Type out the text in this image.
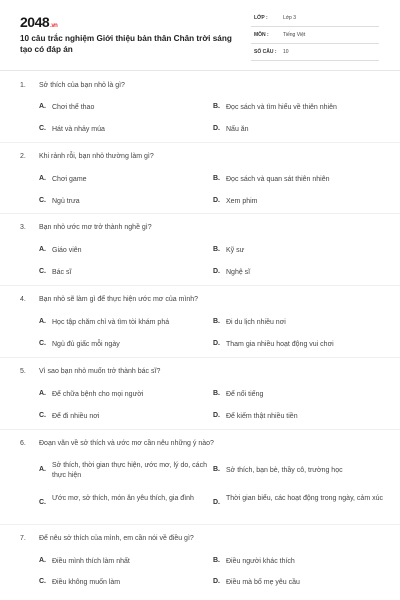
2048.vn
10 câu trắc nghiệm Giới thiệu bản thân Chân trời sáng tạo có đáp án
LỚP :	Lớp 3
MÔN :	Tiếng Việt
SỐ CÂU : 10
1. Sở thích của bạn nhỏ là gì?
A. Chơi thể thao	B. Đọc sách và tìm hiểu về thiên nhiên
C. Hát và nhảy múa	D. Nấu ăn
2. Khi rảnh rỗi, bạn nhỏ thường làm gì?
A. Chơi game	B. Đọc sách và quan sát thiên nhiên
C. Ngủ trưa	D. Xem phim
3. Bạn nhỏ ước mơ trở thành nghề gì?
A. Giáo viên	B. Kỹ sư
C. Bác sĩ	D. Nghệ sĩ
4. Bạn nhỏ sẽ làm gì để thực hiện ước mơ của mình?
A. Học tập chăm chỉ và tìm tòi khám phá	B. Đi du lịch nhiều nơi
C. Ngủ đủ giấc mỗi ngày	D. Tham gia nhiều hoạt động vui chơi
5. Vì sao bạn nhỏ muốn trở thành bác sĩ?
A. Để chữa bệnh cho mọi người	B. Để nổi tiếng
C. Để đi nhiều nơi	D. Để kiếm thật nhiều tiền
6. Đoạn văn về sở thích và ước mơ cần nêu những ý nào?
A.
Sở thích, thời gian thực hiện, ước mơ, lý do, cách thực hiện
B. Sở thích, bạn bè, thầy cô, trường học
C.
Ước mơ, sở thích, món ăn yêu thích, gia đình
D.
Thời gian biểu, các hoạt động trong ngày, cảm xúc
7. Để nêu sở thích của mình, em cần nói về điều gì?
A. Điều mình thích làm nhất	B. Điều người khác thích
C. Điều không muốn làm	D. Điều mà bố mẹ yêu cầu
